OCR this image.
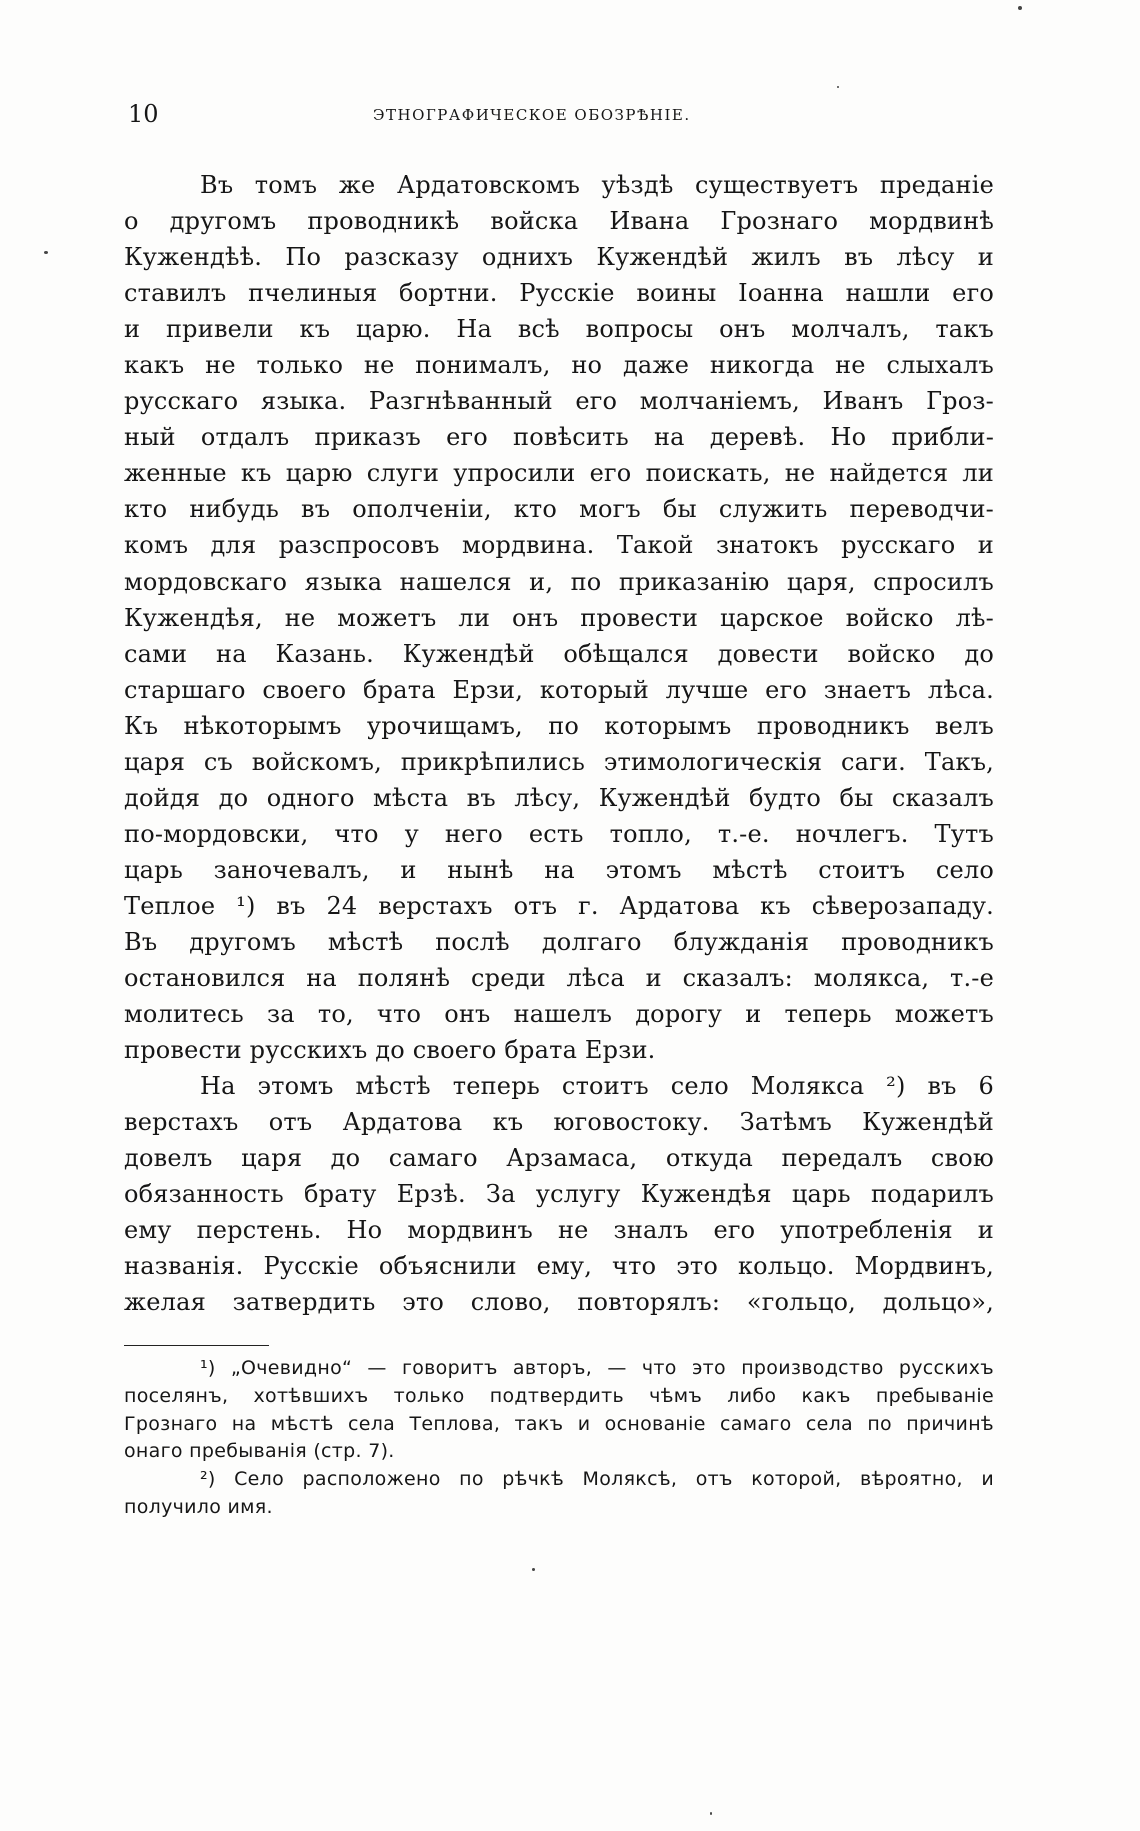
10	ЭТНОГРАФИЧЕСКОЕ ОБОЗРѢНІЕ.
Въ томъ же Ардатовскомъ уѣздѣ существуетъ преданіе
о другомъ проводникѣ войска Ивана Грознаго мордвинѣ
Кужендѣѣ. По разсказу однихъ Кужендѣй жилъ въ лѣсу и
ставилъ пчелиныя бортни. Русскіе воины Іоанна нашли его
и привели къ царю. На всѣ вопросы онъ молчалъ, такъ
какъ не только не понималъ, но даже никогда не слыхалъ
русскаго языка. Разгнѣванный его молчаніемъ, Иванъ Гроз-
ный отдалъ приказъ его повѣсить на деревѣ. Но прибли-
женные къ царю слуги упросили его поискать, не найдется ли
кто нибудь въ ополченіи, кто могъ бы служить переводчи-
комъ для разспросовъ мордвина. Такой знатокъ русскаго и
мордовскаго языка нашелся и, по приказанію царя, спросилъ
Кужендѣя, не можетъ ли онъ провести царское войско лѣ-
сами на Казань. Кужендѣй обѣщался довести войско до
старшаго своего брата Ерзи, который лучше его знаетъ лѣса.
Къ нѣкоторымъ урочищамъ, по которымъ проводникъ велъ
царя съ войскомъ, прикрѣпились этимологическія саги. Такъ,
дойдя до одного мѣста въ лѣсу, Кужендѣй будто бы сказалъ
по-мордовски, что у него есть топло, т.-е. ночлегъ. Тутъ
царь заночевалъ, и нынѣ на этомъ мѣстѣ стоитъ село
Теплое ¹) въ 24 верстахъ отъ г. Ардатова къ сѣверозападу.
Въ другомъ мѣстѣ послѣ долгаго блужданія проводникъ
остановился на полянѣ среди лѣса и сказалъ: моляксa, т.-е
молитесь за то, что онъ нашелъ дорогу и теперь можетъ
провести русскихъ до своего брата Ерзи.
На этомъ мѣстѣ теперь стоитъ село Моляксa ²) въ 6
верстахъ отъ Ардатова къ юговостоку. Затѣмъ Кужендѣй
довелъ царя до самаго Арзамаса, откуда передалъ свою
обязанность брату Ерзѣ. За услугу Кужендѣя царь подарилъ
ему перстень. Но мордвинъ не зналъ его употребленія и
названія. Русскіе объяснили ему, что это кольцо. Мордвинъ,
желая затвердить это слово, повторялъ: «гольцо, дольцо»,
¹) „Очевидно“ — говоритъ авторъ, — что это производство русскихъ
поселянъ, хотѣвшихъ только подтвердить чѣмъ либо какъ пребываніе
Грознаго на мѣстѣ села Теплова, такъ и основаніе самаго села по причинѣ
онаго пребыванія (стр. 7).
²) Село расположено по рѣчкѣ Моляксѣ, отъ которой, вѣроятно, и
получило имя.
